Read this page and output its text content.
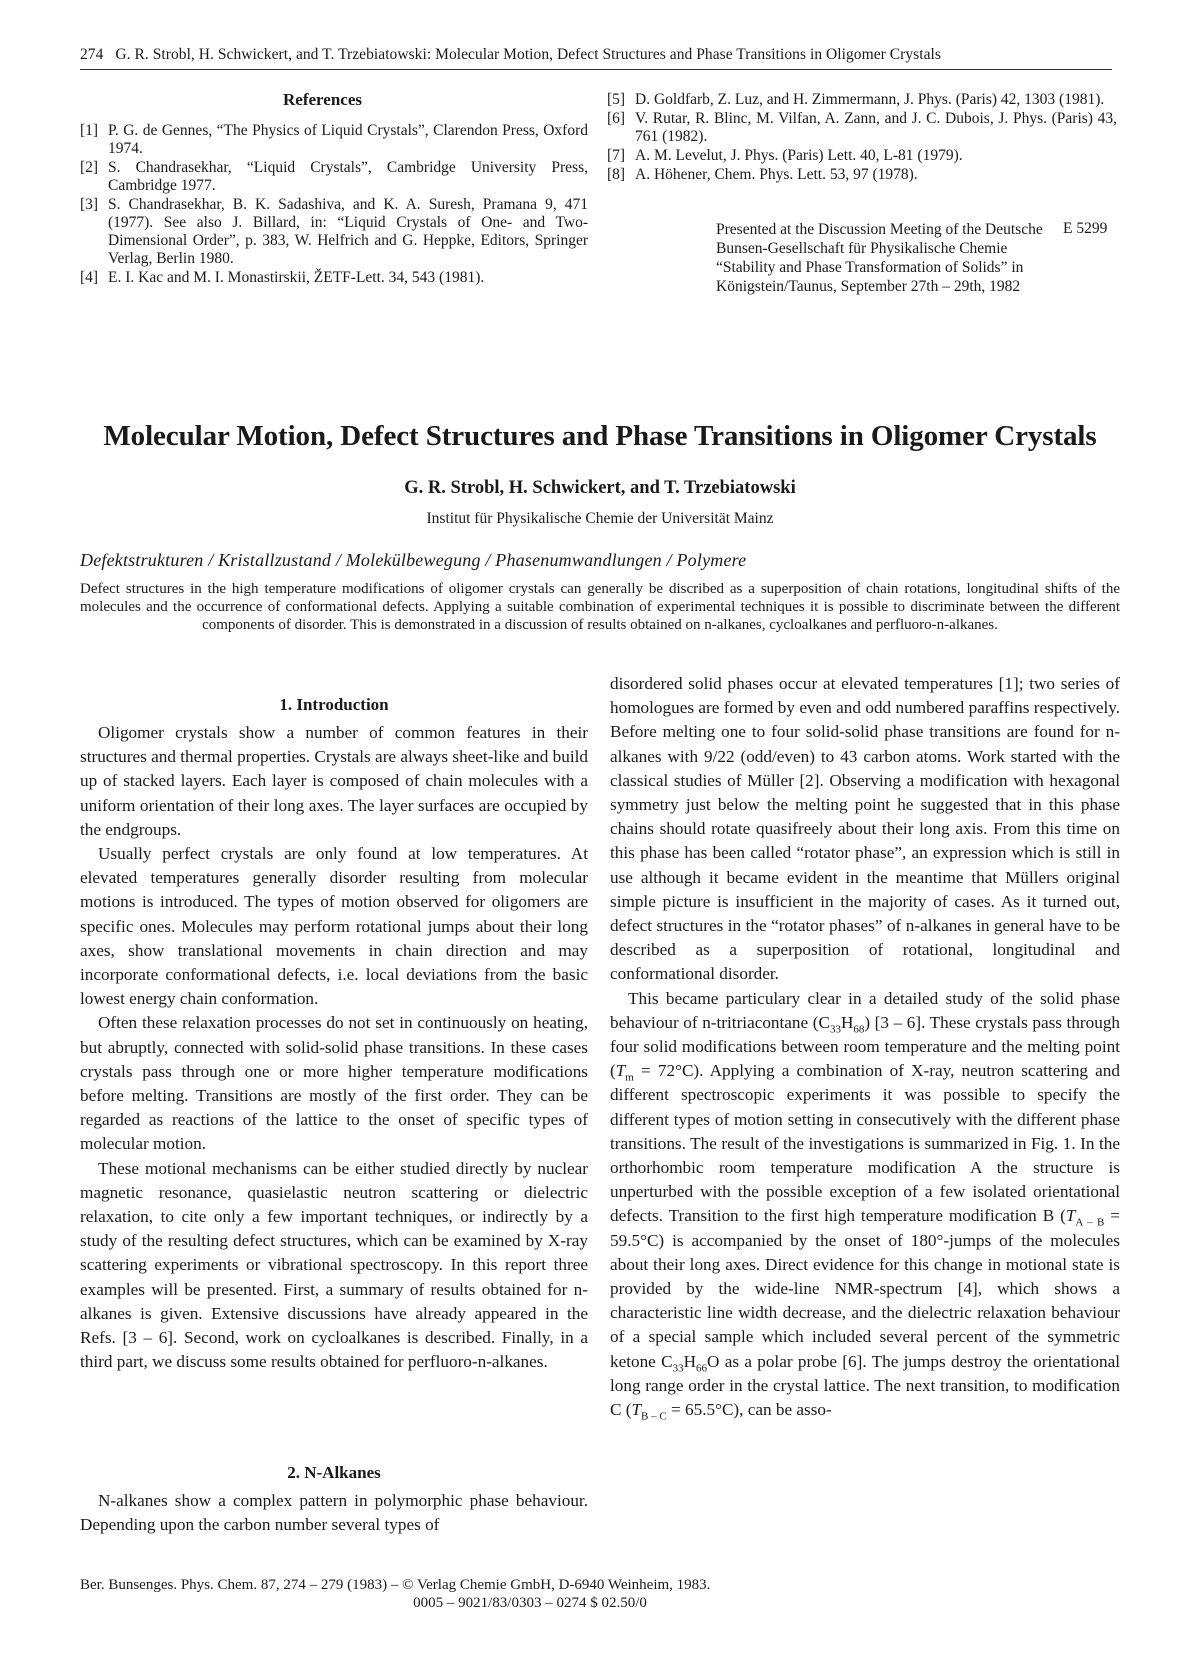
274 G. R. Strobl, H. Schwickert, and T. Trzebiatowski: Molecular Motion, Defect Structures and Phase Transitions in Oligomer Crystals
References
[1] P. G. de Gennes, “The Physics of Liquid Crystals”, Clarendon Press, Oxford 1974.
[2] S. Chandrasekhar, “Liquid Crystals”, Cambridge University Press, Cambridge 1977.
[3] S. Chandrasekhar, B. K. Sadashiva, and K. A. Suresh, Pramana 9, 471 (1977). See also J. Billard, in: “Liquid Crystals of One- and Two-Dimensional Order”, p. 383, W. Helfrich and G. Heppke, Editors, Springer Verlag, Berlin 1980.
[4] E. I. Kac and M. I. Monastirskii, ŽETF-Lett. 34, 543 (1981).
[5] D. Goldfarb, Z. Luz, and H. Zimmermann, J. Phys. (Paris) 42, 1303 (1981).
[6] V. Rutar, R. Blinc, M. Vilfan, A. Zann, and J. C. Dubois, J. Phys. (Paris) 43, 761 (1982).
[7] A. M. Levelut, J. Phys. (Paris) Lett. 40, L-81 (1979).
[8] A. Höhener, Chem. Phys. Lett. 53, 97 (1978).
Presented at the Discussion Meeting of the Deutsche Bunsen-Gesellschaft für Physikalische Chemie “Stability and Phase Transformation of Solids” in Königstein/Taunus, September 27th – 29th, 1982
E 5299
Molecular Motion, Defect Structures and Phase Transitions in Oligomer Crystals
G. R. Strobl, H. Schwickert, and T. Trzebiatowski
Institut für Physikalische Chemie der Universität Mainz
Defektstrukturen / Kristallzustand / Molekülbewegung / Phasenumwandlungen / Polymere
Defect structures in the high temperature modifications of oligomer crystals can generally be discribed as a superposition of chain rotations, longitudinal shifts of the molecules and the occurrence of conformational defects. Applying a suitable combination of experimental techniques it is possible to discriminate between the different components of disorder. This is demonstrated in a discussion of results obtained on n-alkanes, cycloalkanes and perfluoro-n-alkanes.
1. Introduction

Oligomer crystals show a number of common features in their structures and thermal properties. Crystals are always sheet-like and build up of stacked layers. Each layer is composed of chain molecules with a uniform orientation of their long axes. The layer surfaces are occupied by the endgroups.

Usually perfect crystals are only found at low temperatures. At elevated temperatures generally disorder resulting from molecular motions is introduced. The types of motion observed for oligomers are specific ones. Molecules may perform rotational jumps about their long axes, show translational movements in chain direction and may incorporate conformational defects, i.e. local deviations from the basic lowest energy chain conformation.

Often these relaxation processes do not set in continuously on heating, but abruptly, connected with solid-solid phase transitions. In these cases crystals pass through one or more higher temperature modifications before melting. Transitions are mostly of the first order. They can be regarded as reactions of the lattice to the onset of specific types of molecular motion.

These motional mechanisms can be either studied directly by nuclear magnetic resonance, quasielastic neutron scattering or dielectric relaxation, to cite only a few important techniques, or indirectly by a study of the resulting defect structures, which can be examined by X-ray scattering experiments or vibrational spectroscopy. In this report three examples will be presented. First, a summary of results obtained for n-alkanes is given. Extensive discussions have already appeared in the Refs. [3 – 6]. Second, work on cycloalkanes is described. Finally, in a third part, we discuss some results obtained for perfluoro-n-alkanes.

2. N-Alkanes

N-alkanes show a complex pattern in polymorphic phase behaviour. Depending upon the carbon number several types of

disordered solid phases occur at elevated temperatures [1]; two series of homologues are formed by even and odd numbered paraffins respectively. Before melting one to four solid-solid phase transitions are found for n-alkanes with 9/22 (odd/even) to 43 carbon atoms. Work started with the classical studies of Müller [2]. Observing a modification with hexagonal symmetry just below the melting point he suggested that in this phase chains should rotate quasifreely about their long axis. From this time on this phase has been called “rotator phase”, an expression which is still in use although it became evident in the meantime that Müllers original simple picture is insufficient in the majority of cases. As it turned out, defect structures in the “rotator phases” of n-alkanes in general have to be described as a superposition of rotational, longitudinal and conformational disorder.

This became particulary clear in a detailed study of the solid phase behaviour of n-tritriacontane $(C_{33}H_{68})$ [3 – 6]. These crystals pass through four solid modifications between room temperature and the melting point $(T_m = 72^\circ C)$. Applying a combination of X-ray, neutron scattering and different spectroscopic experiments it was possible to specify the different types of motion setting in consecutively with the different phase transitions. The result of the investigations is summarized in Fig. 1. In the orthorhombic room temperature modification A the structure is unperturbed with the possible exception of a few isolated orientational defects. Transition to the first high temperature modification B $(T_{A - B} = 59.5^\circ C)$ is accompanied by the onset of 180°-jumps of the molecules about their long axes. Direct evidence for this change in motional state is provided by the wide-line NMR-spectrum [4], which shows a characteristic line width decrease, and the dielectric relaxation behaviour of a special sample which included several percent of the symmetric ketone $C_{33}H_{66}O$ as a polar probe [6]. The jumps destroy the orientational long range order in the crystal lattice. The next transition, to modification C $(T_{B - C} = 65.5^\circ C)$, can be asso-

Ber. Bunsenges. Phys. Chem. 87, 274 – 279 (1983) – © Verlag Chemie GmbH, D-6940 Weinheim, 1983.
0005 – 9021/83/0303 – 0274 $ 02.50/0
